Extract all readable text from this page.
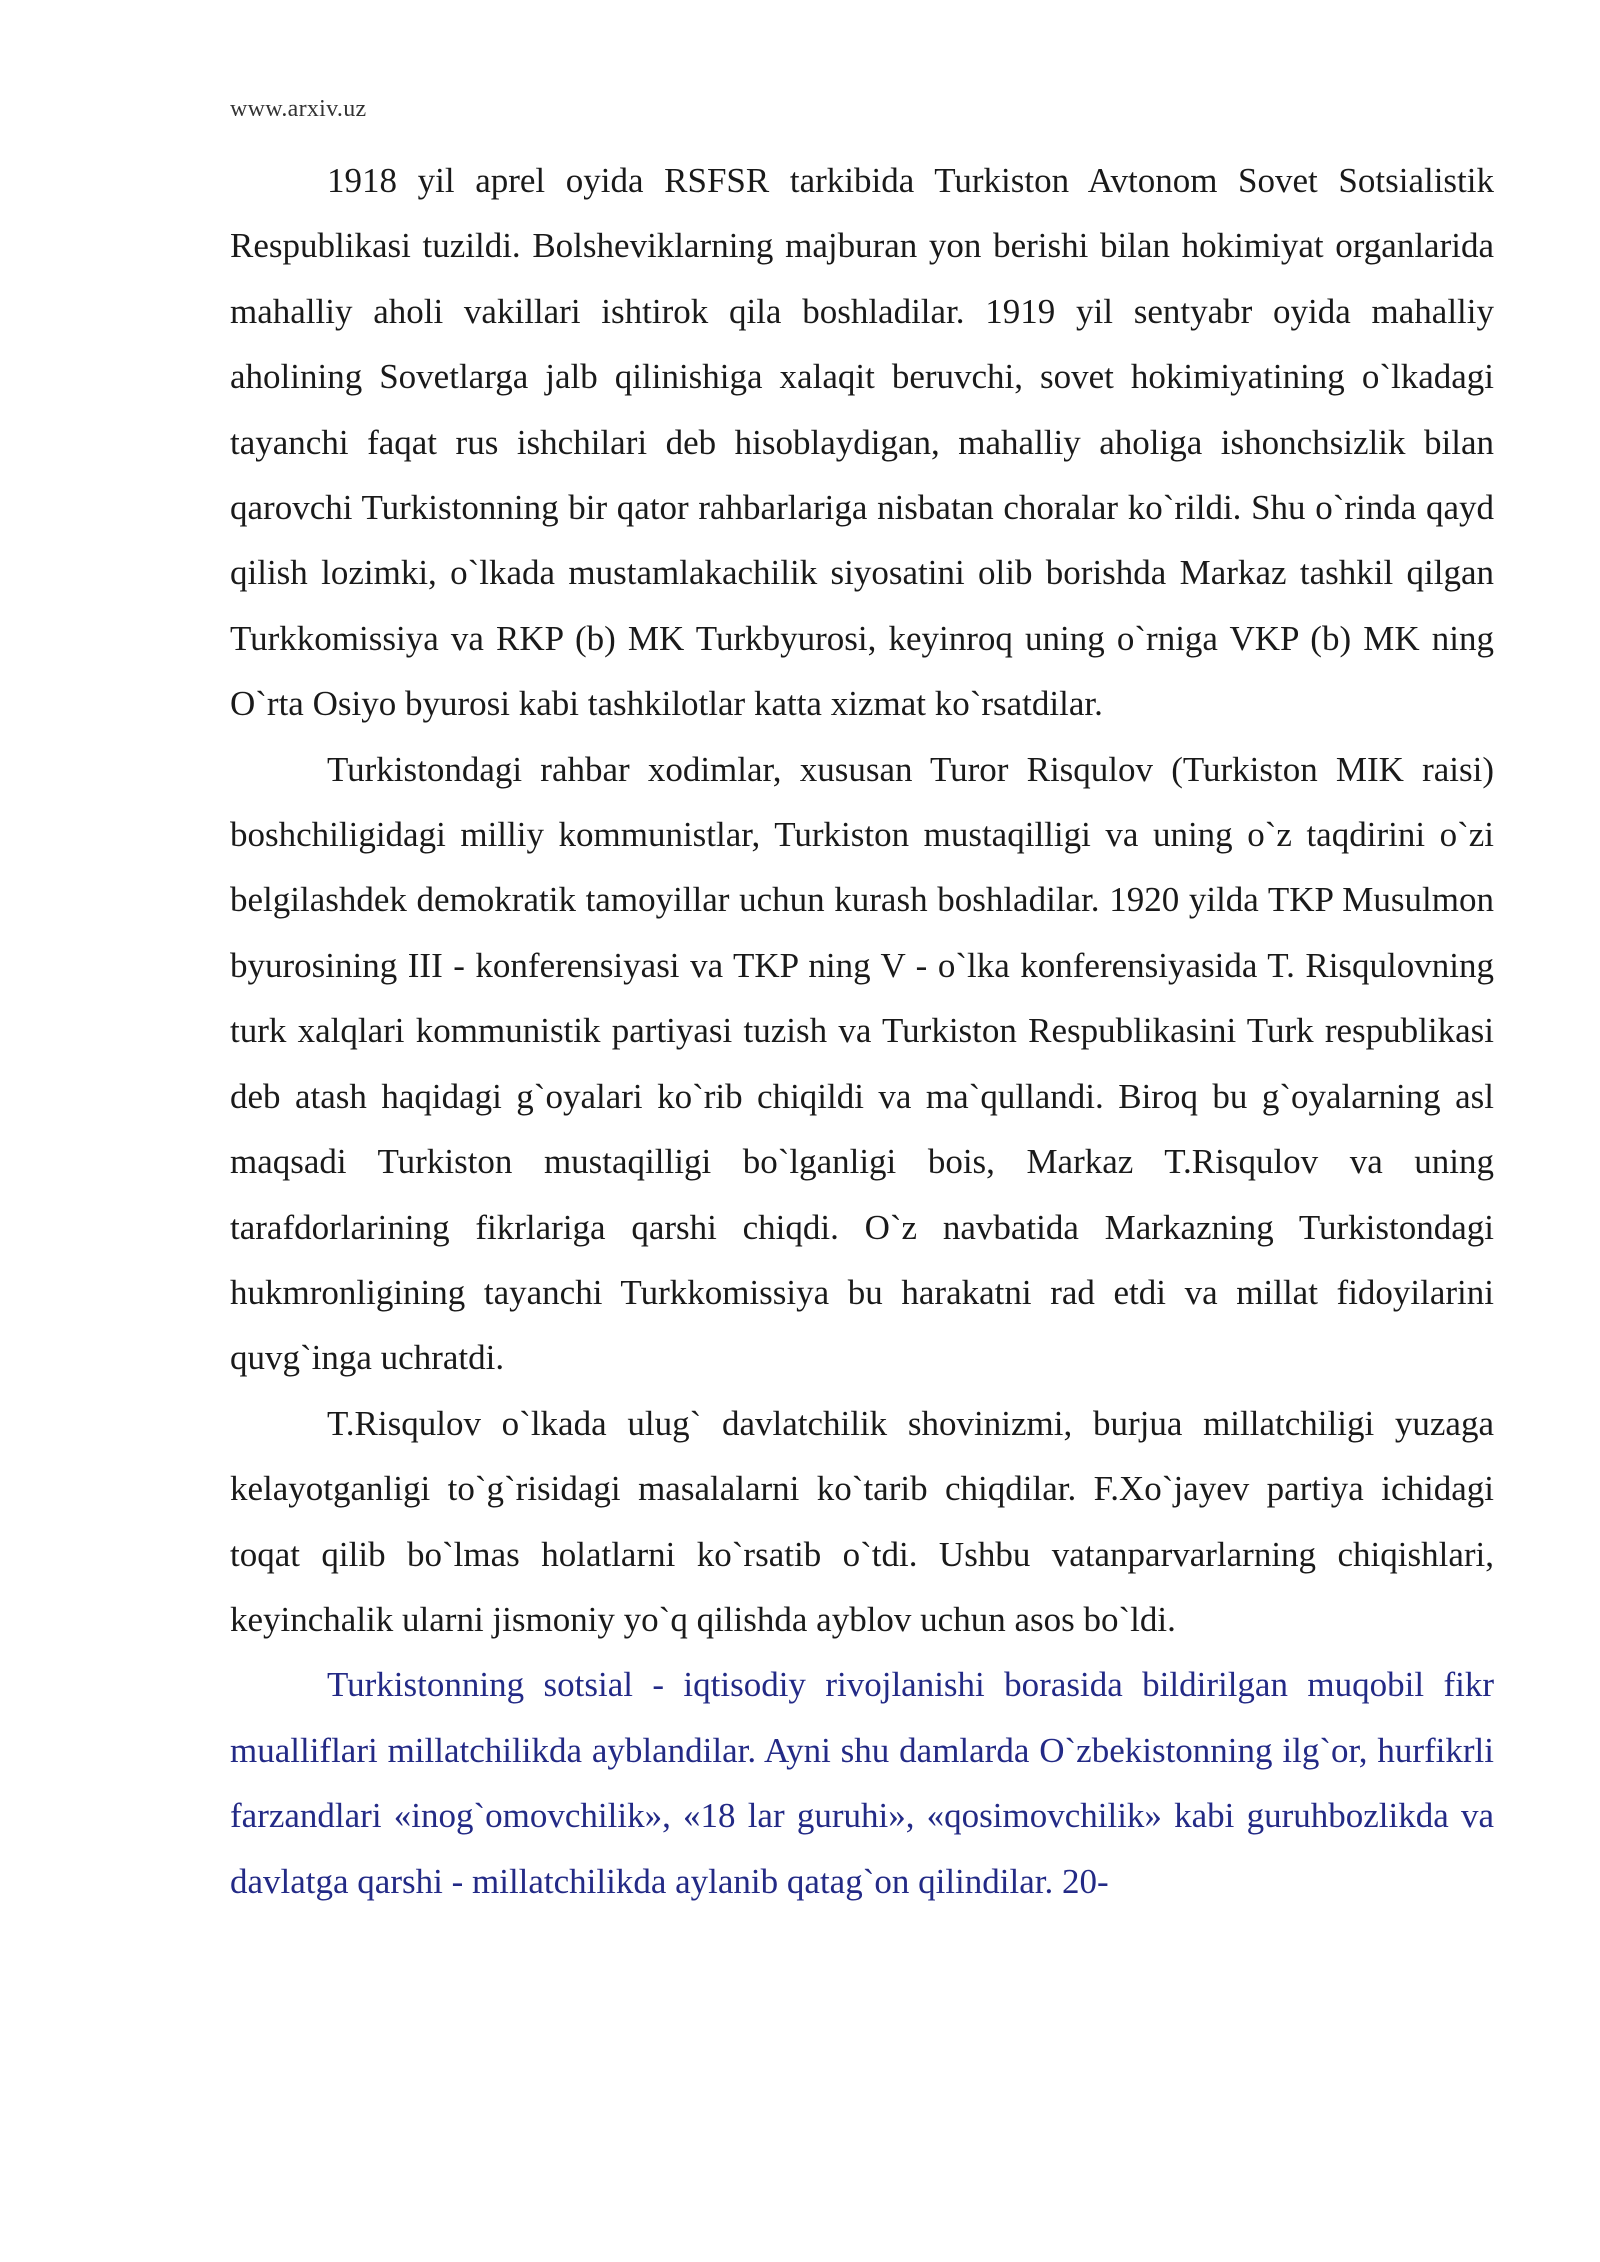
www.arxiv.uz

1918 yil aprel oyida RSFSR tarkibida Turkiston Avtonom Sovet Sotsialistik Respublikasi tuzildi. Bolsheviklarning majburan yon berishi bilan hokimiyat organlarida mahalliy aholi vakillari ishtirok qila boshladilar. 1919 yil sentyabr oyida mahalliy aholining Sovetlarga jalb qilinishiga xalaqit beruvchi, sovet hokimiyatining o`lkadagi tayanchi faqat rus ishchilari deb hisoblaydigan, mahalliy aholiga ishonchsizlik bilan qarovchi Turkistonning bir qator rahbarlariga nisbatan choralar ko`rildi. Shu o`rinda qayd qilish lozimki, o`lkada mustamlakachilik siyosatini olib borishda Markaz tashkil qilgan Turkkomissiya va RKP (b) MK Turkbyurosi, keyinroq uning o`rniga VKP (b) MK ning O`rta Osiyo byurosi kabi tashkilotlar katta xizmat ko`rsatdilar.

Turkistondagi rahbar xodimlar, xususan Turor Risqulov (Turkiston MIK raisi) boshchiligidagi milliy kommunistlar, Turkiston mustaqilligi va uning o`z taqdirini o`zi belgilashdek demokratik tamoyillar uchun kurash boshladilar. 1920 yilda TKP Musulmon byurosining III - konferensiyasi va TKP ning V - o`lka konferensiyasida T. Risqulovning turk xalqlari kommunistik partiyasi tuzish va Turkiston Respublikasini Turk respublikasi deb atash haqidagi g`oyalari ko`rib chiqildi va ma`qullandi. Biroq bu g`oyalarning asl maqsadi Turkiston mustaqilligi bo`lganligi bois, Markaz T.Risqulov va uning tarafdorlarining fikrlariga qarshi chiqdi. O`z navbatida Markazning Turkistondagi hukmronligining tayanchi Turkkomissiya bu harakatni rad etdi va millat fidoyilarini quvg`inga uchratdi.

T.Risqulov o`lkada ulug` davlatchilik shovinizmi, burjua millatchiligi yuzaga kelayotganligi to`g`risidagi masalalarni ko`tarib chiqdilar. F.Xo`jayev partiya ichidagi toqat qilib bo`lmas holatlarni ko`rsatib o`tdi. Ushbu vatanparvarlarning chiqishlari, keyinchalik ularni jismoniy yo`q qilishda ayblov uchun asos bo`ldi.

Turkistonning sotsial - iqtisodiy rivojlanishi borasida bildirilgan muqobil fikr mualliflari millatchilikda ayblandilar. Ayni shu damlarda O`zbekistonning ilg`or, hurfikrli farzandlari «inog`omovchilik», «18 lar guruhi», «qosimovchilik» kabi guruhbozlikda va davlatga qarshi - millatchilikda aylanib qatag`on qilindilar. 20-
